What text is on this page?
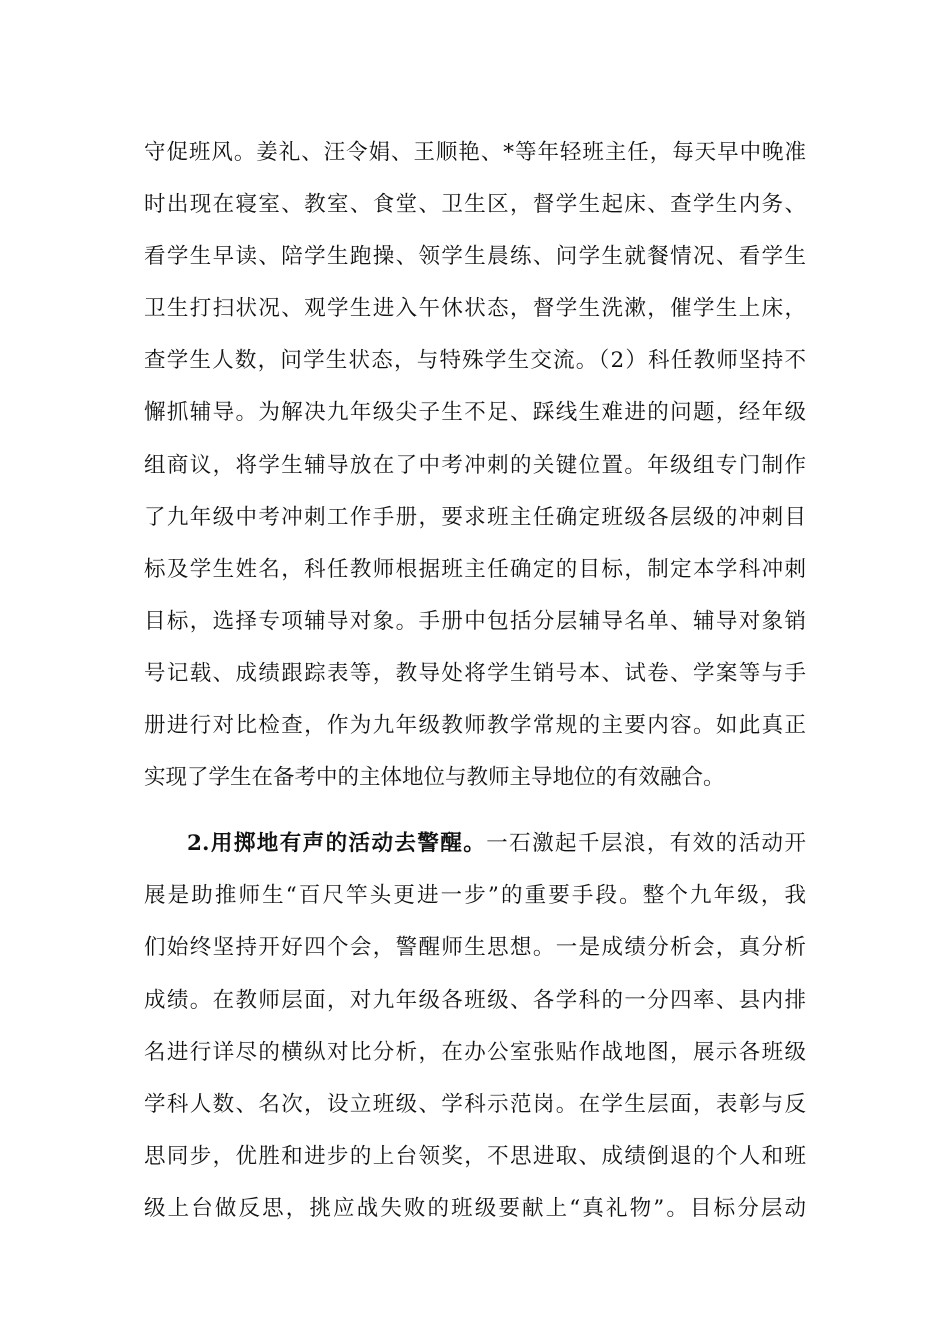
守促班风。姜礼、汪令娟、王顺艳、*等年轻班主任，每天早中晚准
时出现在寝室、教室、食堂、卫生区，督学生起床、查学生内务、
看学生早读、陪学生跑操、领学生晨练、问学生就餐情况、看学生
卫生打扫状况、观学生进入午休状态，督学生洗漱，催学生上床，
查学生人数，问学生状态，与特殊学生交流。（2）科任教师坚持不
懈抓辅导。为解决九年级尖子生不足、踩线生难进的问题，经年级
组商议，将学生辅导放在了中考冲刺的关键位置。年级组专门制作
了九年级中考冲刺工作手册，要求班主任确定班级各层级的冲刺目
标及学生姓名，科任教师根据班主任确定的目标，制定本学科冲刺
目标，选择专项辅导对象。手册中包括分层辅导名单、辅导对象销
号记载、成绩跟踪表等，教导处将学生销号本、试卷、学案等与手
册进行对比检查，作为九年级教师教学常规的主要内容。如此真正
实现了学生在备考中的主体地位与教师主导地位的有效融合。
2.用掷地有声的活动去警醒。一石激起千层浪，有效的活动开
展是助推师生“百尺竿头更进一步”的重要手段。整个九年级，我
们始终坚持开好四个会，警醒师生思想。一是成绩分析会，真分析
成绩。在教师层面，对九年级各班级、各学科的一分四率、县内排
名进行详尽的横纵对比分析，在办公室张贴作战地图，展示各班级
学科人数、名次，设立班级、学科示范岗。在学生层面，表彰与反
思同步，优胜和进步的上台领奖，不思进取、成绩倒退的个人和班
级上台做反思，挑应战失败的班级要献上“真礼物”。目标分层动
